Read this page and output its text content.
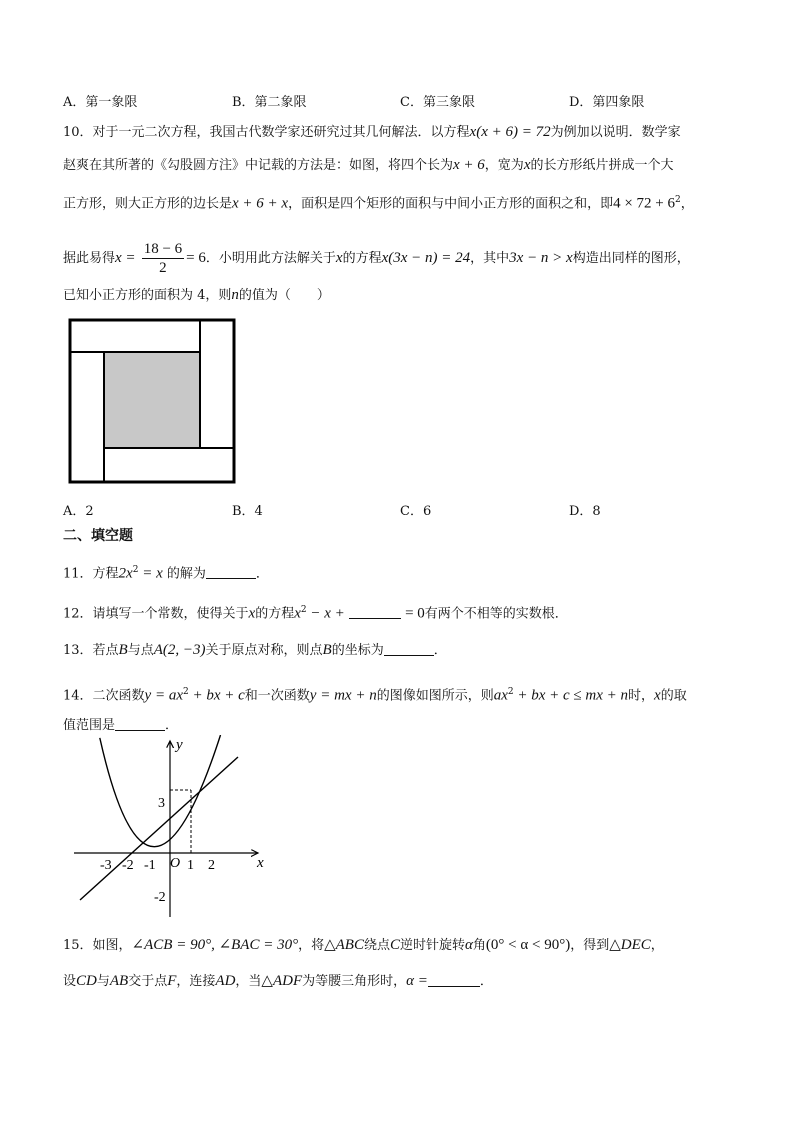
A．第一象限	B．第二象限	C．第三象限	D．第四象限
10．对于一元二次方程，我国古代数学家还研究过其几何解法．以方程x(x + 6) = 72为例加以说明．数学家
赵爽在其所著的《勾股圆方注》中记载的方法是：如图，将四个长为x + 6，宽为x的长方形纸片拼成一个大
正方形，则大正方形的边长是x + 6 + x，面积是四个矩形的面积与中间小正方形的面积之和，即$4 \times 72 + 6^2$，
据此易得$x = \frac{18 - 6}{2} = 6$．小明用此方法解关于x的方程x(3x − n) = 24，其中3x − n > x构造出同样的图形，
已知小正方形的面积为 4，则n的值为（　　）
A．2	B．4	C．6	D．8
二、填空题
11．方程$2x^2 = x$ 的解为	．
12．请填写一个常数，使得关于x的方程$x^2 - x$ +	= 0有两个不相等的实数根．
13．若点B与点A(2, −3)关于原点对称，则点B的坐标为	．
14．二次函数$y = ax^2$ + bx + c和一次函数y = mx + n的图像如图所示，则$ax^2$ + bx + c ≤ mx + n时，x的取
值范围是	．
x
y
O
-3 -2 -1 1 2
3
-2
15．如图，∠ACB = 90°, ∠BAC = 30°，将△ABC绕点C逆时针旋转α角(0° < α < 90°)，得到△DEC，
设CD与AB交于点F，连接AD，当△ADF为等腰三角形时，α =	．
